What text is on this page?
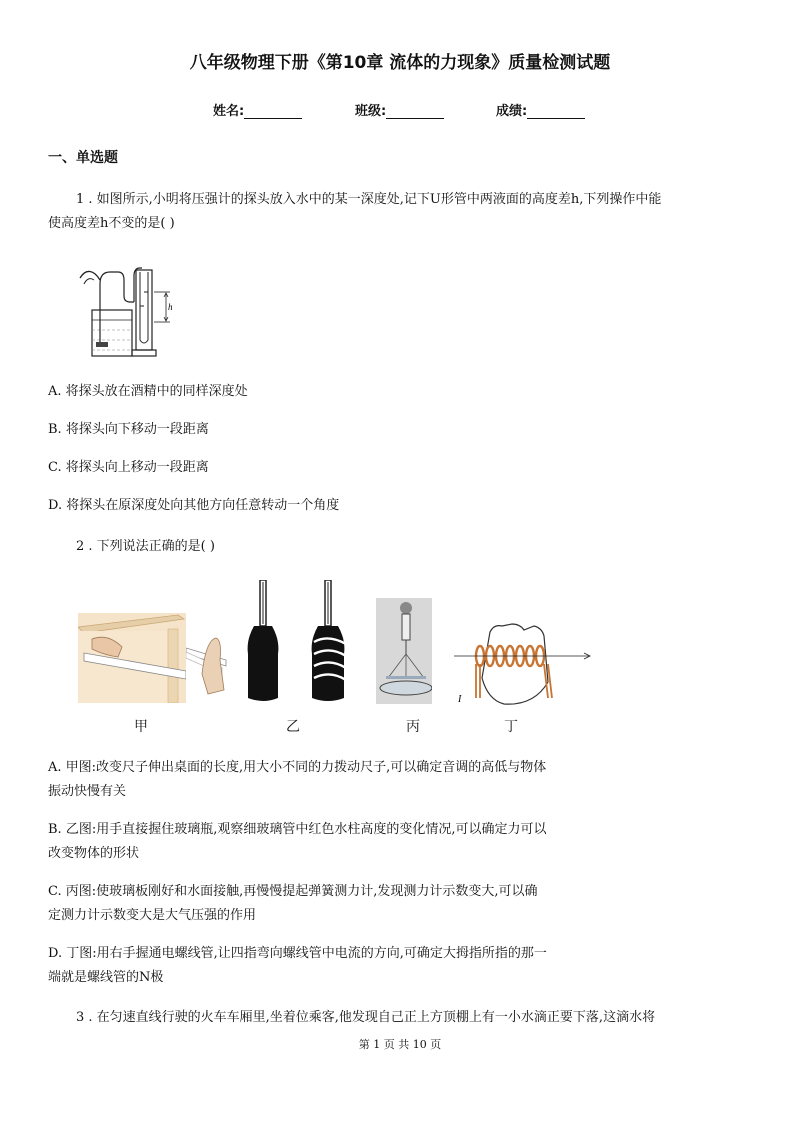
八年级物理下册《第10章 流体的力现象》质量检测试题
姓名:	班级:	成绩:
一、单选题
1 . 如图所示,小明将压强计的探头放入水中的某一深度处,记下U形管中两液面的高度差h,下列操作中能
使高度差h不变的是( )
h
A. 将探头放在酒精中的同样深度处
B. 将探头向下移动一段距离
C. 将探头向上移动一段距离
D. 将探头在原深度处向其他方向任意转动一个角度
2 . 下列说法正确的是( )
I
甲	乙	丙	丁
A. 甲图:改变尺子伸出桌面的长度,用大小不同的力拨动尺子,可以确定音调的高低与物体
振动快慢有关
B. 乙图:用手直接握住玻璃瓶,观察细玻璃管中红色水柱高度的变化情况,可以确定力可以
改变物体的形状
C. 丙图:使玻璃板刚好和水面接触,再慢慢提起弹簧测力计,发现测力计示数变大,可以确
定测力计示数变大是大气压强的作用
D. 丁图:用右手握通电螺线管,让四指弯向螺线管中电流的方向,可确定大拇指所指的那一
端就是螺线管的N极
3 . 在匀速直线行驶的火车车厢里,坐着位乘客,他发现自己正上方顶棚上有一小水滴正要下落,这滴水将
第 1 页 共 10 页
